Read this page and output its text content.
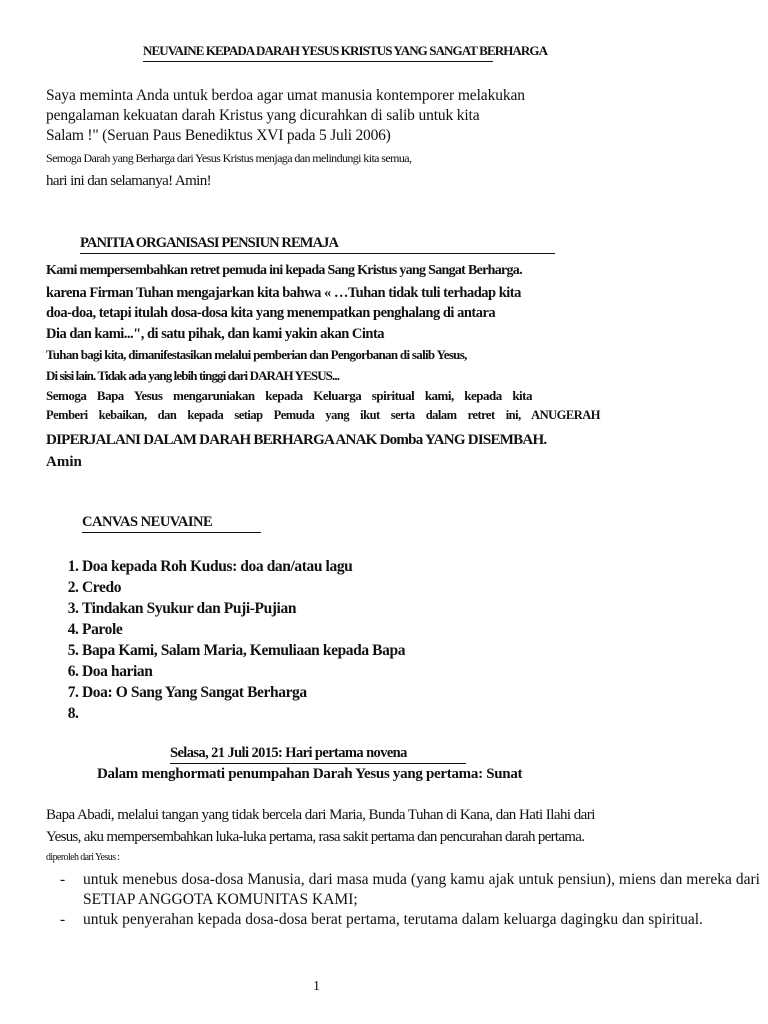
NEUVAINE KEPADA DARAH YESUS KRISTUS YANG SANGAT BERHARGA
Saya meminta Anda untuk berdoa agar umat manusia kontemporer melakukan
pengalaman kekuatan darah Kristus yang dicurahkan di salib untuk kita
Salam !" (Seruan Paus Benediktus XVI pada 5 Juli 2006)
Semoga Darah yang Berharga dari Yesus Kristus menjaga dan melindungi kita semua,
hari ini dan selamanya! Amin!
PANITIA ORGANISASI PENSIUN REMAJA
Kami mempersembahkan retret pemuda ini kepada Sang Kristus yang Sangat Berharga.
karena Firman Tuhan mengajarkan kita bahwa « …Tuhan tidak tuli terhadap kita
doa-doa, tetapi itulah dosa-dosa kita yang menempatkan penghalang di antara
Dia dan kami...", di satu pihak, dan kami yakin akan Cinta
Tuhan bagi kita, dimanifestasikan melalui pemberian dan Pengorbanan di salib Yesus,
Di sisi lain. Tidak ada yang lebih tinggi dari DARAH YESUS...
Semoga Bapa Yesus mengaruniakan kepada Keluarga spiritual kami, kepada kita
Pemberi kebaikan, dan kepada setiap Pemuda yang ikut serta dalam retret ini, ANUGERAH
DIPERJALANI DALAM DARAH BERHARGA ANAK Domba YANG DISEMBAH.
Amin
CANVAS NEUVAINE
1. Doa kepada Roh Kudus: doa dan/atau lagu
2. Credo
3. Tindakan Syukur dan Puji-Pujian
4. Parole
5. Bapa Kami, Salam Maria, Kemuliaan kepada Bapa
6. Doa harian
7. Doa: O Sang Yang Sangat Berharga
8.
Selasa, 21 Juli 2015: Hari pertama novena
Dalam menghormati penumpahan Darah Yesus yang pertama: Sunat
Bapa Abadi, melalui tangan yang tidak bercela dari Maria, Bunda Tuhan di Kana, dan Hati Ilahi dari
Yesus, aku mempersembahkan luka-luka pertama, rasa sakit pertama dan pencurahan darah pertama.
diperoleh dari Yesus :
- untuk menebus dosa-dosa Manusia, dari masa muda (yang kamu ajak untuk pensiun), miens dan mereka dari SETIAP ANGGOTA KOMUNITAS KAMI;
- untuk penyerahan kepada dosa-dosa berat pertama, terutama dalam keluarga dagingku dan spiritual.
1
